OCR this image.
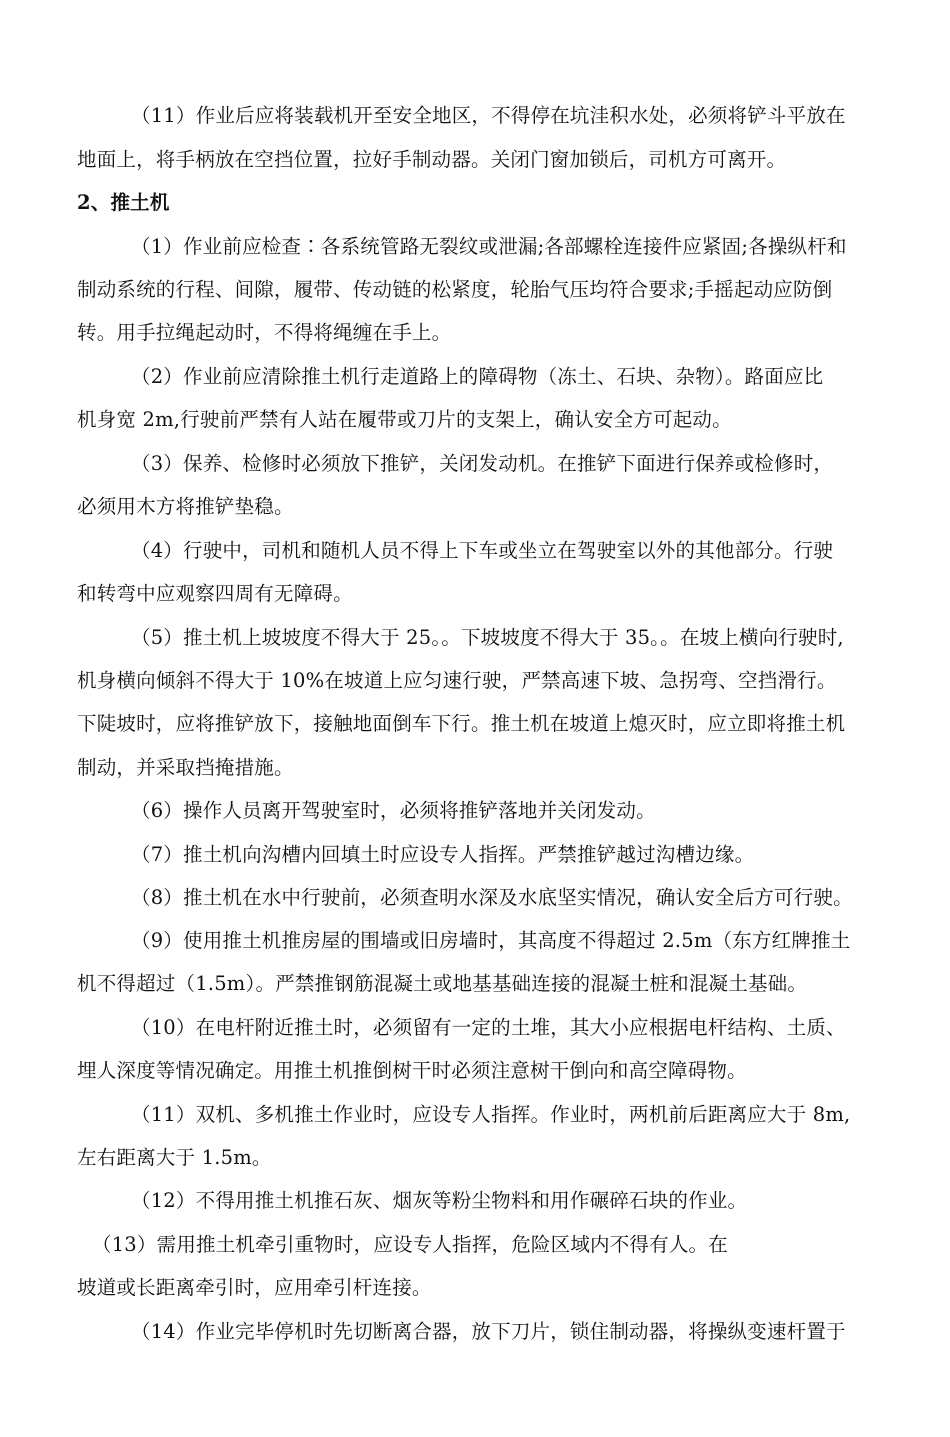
（11）作业后应将装载机开至安全地区，不得停在坑洼积水处，必须将铲斗平放在
地面上，将手柄放在空挡位置，拉好手制动器。关闭门窗加锁后，司机方可离开。
2、推土机
（1）作业前应检查∶各系统管路无裂纹或泄漏;各部螺栓连接件应紧固;各操纵杆和
制动系统的行程、间隙，履带、传动链的松紧度，轮胎气压均符合要求;手摇起动应防倒
转。用手拉绳起动时，不得将绳缠在手上。
（2）作业前应清除推土机行走道路上的障碍物（冻土、石块、杂物）。路面应比
机身宽 2m,行驶前严禁有人站在履带或刀片的支架上，确认安全方可起动。
（3）保养、检修时必须放下推铲，关闭发动机。在推铲下面进行保养或检修时，
必须用木方将推铲垫稳。
（4）行驶中，司机和随机人员不得上下车或坐立在驾驶室以外的其他部分。行驶
和转弯中应观察四周有无障碍。
（5）推土机上坡坡度不得大于 25。。下坡坡度不得大于 35。。在坡上横向行驶时,
机身横向倾斜不得大于 10%在坡道上应匀速行驶，严禁高速下坡、急拐弯、空挡滑行。
下陡坡时，应将推铲放下，接触地面倒车下行。推土机在坡道上熄灭时，应立即将推土机
制动，并采取挡掩措施。
（6）操作人员离开驾驶室时，必须将推铲落地并关闭发动。
（7）推土机向沟槽内回填土时应设专人指挥。严禁推铲越过沟槽边缘。
（8）推土机在水中行驶前，必须查明水深及水底坚实情况，确认安全后方可行驶。
（9）使用推土机推房屋的围墙或旧房墙时，其高度不得超过 2.5m（东方红牌推土
机不得超过（1.5m）。严禁推钢筋混凝土或地基基础连接的混凝土桩和混凝土基础。
（10）在电杆附近推土时，必须留有一定的土堆，其大小应根据电杆结构、土质、
埋人深度等情况确定。用推土机推倒树干时必须注意树干倒向和高空障碍物。
（11）双机、多机推土作业时，应设专人指挥。作业时，两机前后距离应大于 8m,
左右距离大于 1.5m。
（12）不得用推土机推石灰、烟灰等粉尘物料和用作碾碎石块的作业。
（13）需用推土机牵引重物时，应设专人指挥，危险区域内不得有人。在
坡道或长距离牵引时，应用牵引杆连接。
（14）作业完毕停机时先切断离合器，放下刀片，锁住制动器，将操纵变速杆置于
